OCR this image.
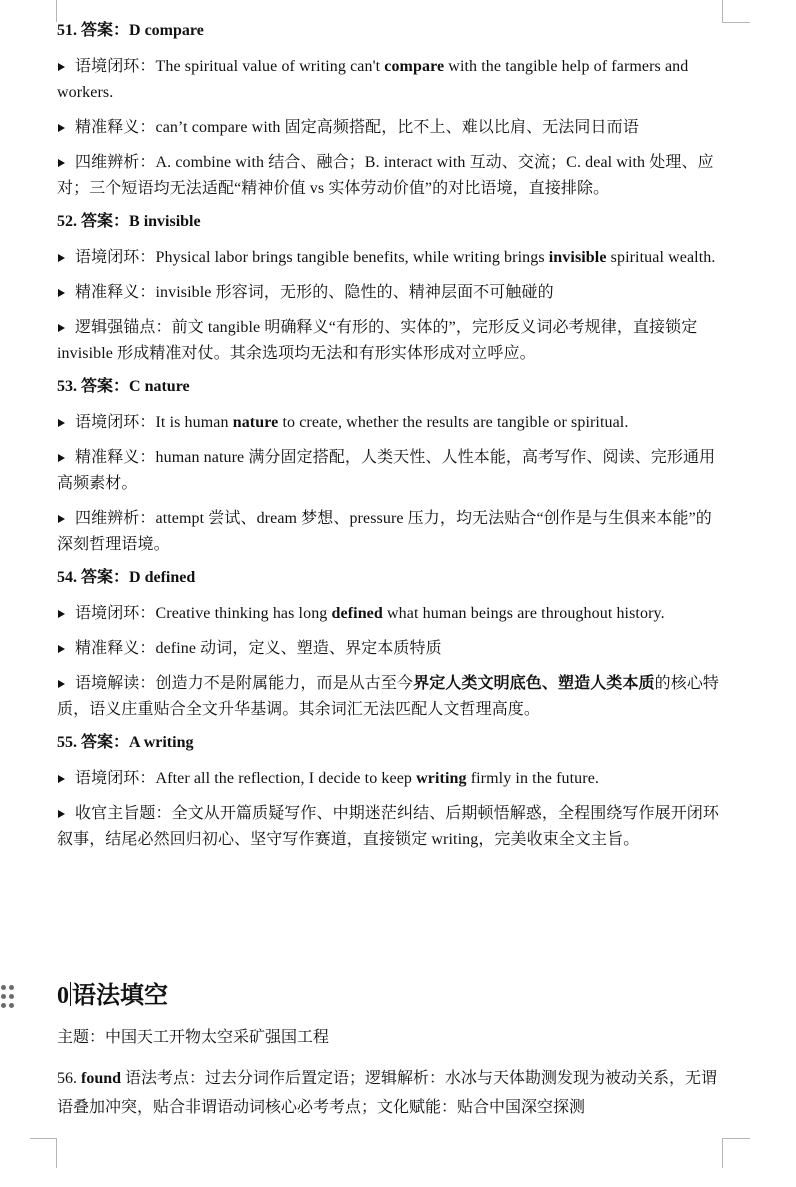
51. 答案：D compare
语境闭环：The spiritual value of writing can't compare with the tangible help of farmers and workers.
精准释义：can’t compare with 固定高频搭配，比不上、难以比肩、无法同日而语
四维辨析：A. combine with 结合、融合；B. interact with 互动、交流；C. deal with 处理、应对；三个短语均无法适配“精神价值 vs 实体劳动价值”的对比语境，直接排除。
52. 答案：B invisible
语境闭环：Physical labor brings tangible benefits, while writing brings invisible spiritual wealth.
精准释义：invisible 形容词，无形的、隐性的、精神层面不可触碰的
逻辑强锚点：前文 tangible 明确释义“有形的、实体的”，完形反义词必考规律，直接锁定 invisible 形成精准对仗。其余选项均无法和有形实体形成对立呼应。
53. 答案：C nature
语境闭环：It is human nature to create, whether the results are tangible or spiritual.
精准释义：human nature 满分固定搭配，人类天性、人性本能，高考写作、阅读、完形通用高频素材。
四维辨析：attempt 尝试、dream 梦想、pressure 压力，均无法贴合“创作是与生俱来本能”的深刻哲理语境。
54. 答案：D defined
语境闭环：Creative thinking has long defined what human beings are throughout history.
精准释义：define 动词，定义、塑造、界定本质特质
语境解读：创造力不是附属能力，而是从古至今界定人类文明底色、塑造人类本质的核心特质，语义庄重贴合全文升华基调。其余词汇无法匹配人文哲理高度。
55. 答案：A writing
语境闭环：After all the reflection, I decide to keep writing firmly in the future.
收官主旨题：全文从开篇质疑写作、中期迷茫纠结、后期顿悟解惑，全程围绕写作展开闭环叙事，结尾必然回归初心、坚守写作赛道，直接锁定 writing，完美收束全文主旨。
0 语法填空
主题：中国天工开物太空采矿强国工程
56. found 语法考点：过去分词作后置定语；逻辑解析：水冰与天体勘测发现为被动关系，无谓语叠加冲突，贴合非谓语动词核心必考考点；文化赋能：贴合中国深空探测
